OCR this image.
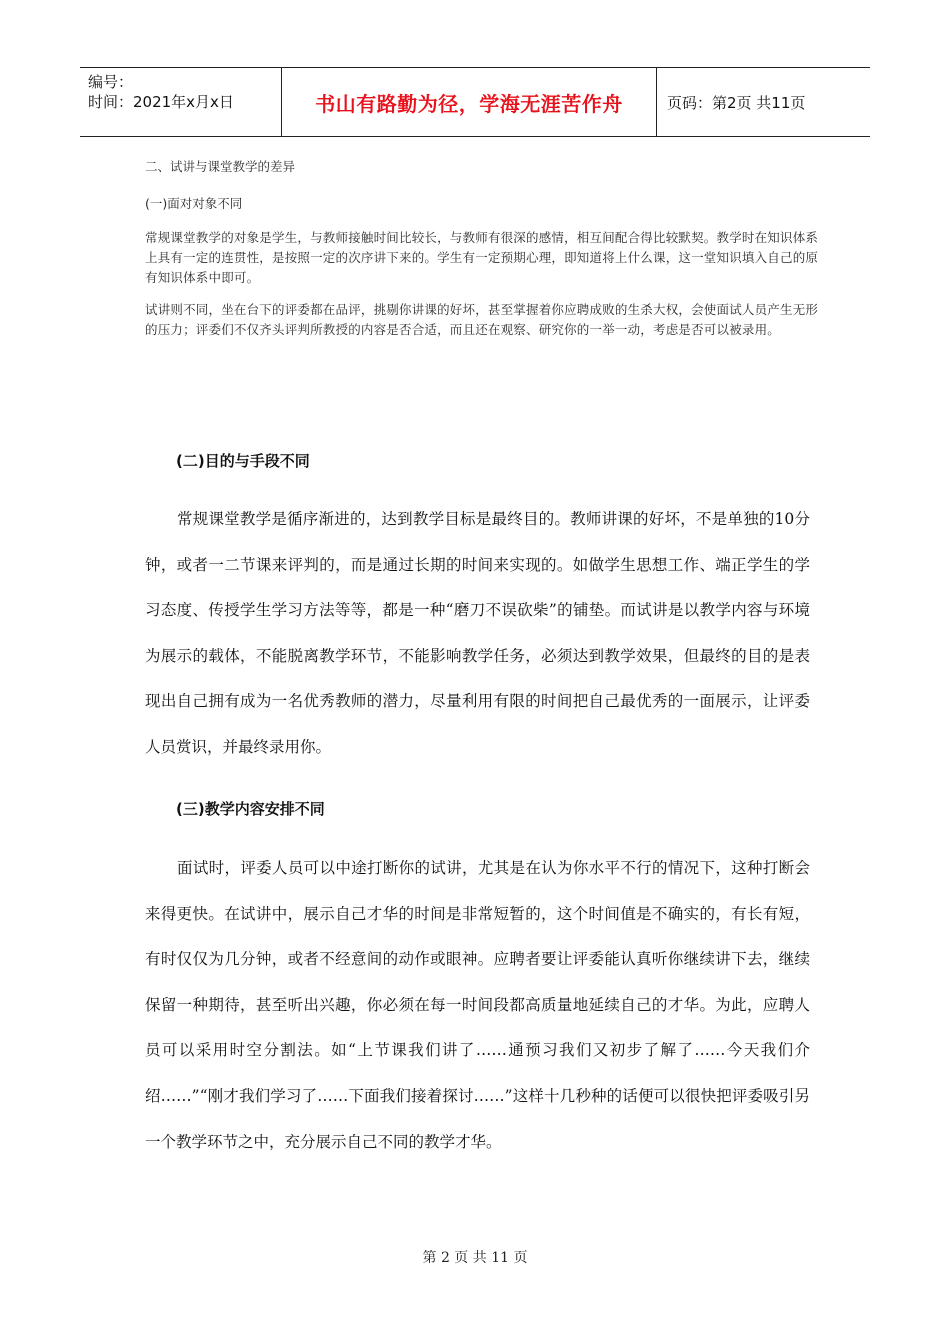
编号：
时间：2021年x月x日	书山有路勤为径，学海无涯苦作舟	页码：第2页 共11页
二、试讲与课堂教学的差异
(一)面对对象不同
常规课堂教学的对象是学生，与教师接触时间比较长，与教师有很深的感情，相互间配合得比较默契。教学时在知识体系上具有一定的连贯性，是按照一定的次序讲下来的。学生有一定预期心理，即知道将上什么课，这一堂知识填入自己的原有知识体系中即可。
试讲则不同，坐在台下的评委都在品评，挑剔你讲课的好坏，甚至掌握着你应聘成败的生杀大权，会使面试人员产生无形的压力；评委们不仅齐头评判所教授的内容是否合适，而且还在观察、研究你的一举一动，考虑是否可以被录用。
(二)目的与手段不同
常规课堂教学是循序渐进的，达到教学目标是最终目的。教师讲课的好坏，不是单独的10分钟，或者一二节课来评判的，而是通过长期的时间来实现的。如做学生思想工作、端正学生的学习态度、传授学生学习方法等等，都是一种“磨刀不误砍柴”的铺垫。而试讲是以教学内容与环境为展示的载体，不能脱离教学环节，不能影响教学任务，必须达到教学效果，但最终的目的是表现出自己拥有成为一名优秀教师的潜力，尽量利用有限的时间把自己最优秀的一面展示，让评委人员赏识，并最终录用你。
(三)教学内容安排不同
面试时，评委人员可以中途打断你的试讲，尤其是在认为你水平不行的情况下，这种打断会来得更快。在试讲中，展示自己才华的时间是非常短暂的，这个时间值是不确实的，有长有短，有时仅仅为几分钟，或者不经意间的动作或眼神。应聘者要让评委能认真听你继续讲下去，继续保留一种期待，甚至听出兴趣，你必须在每一时间段都高质量地延续自己的才华。为此，应聘人员可以采用时空分割法。如“上节课我们讲了……通预习我们又初步了解了……今天我们介绍……”“刚才我们学习了……下面我们接着探讨……”这样十几秒种的话便可以很快把评委吸引另一个教学环节之中，充分展示自己不同的教学才华。
第 2 页 共 11 页
